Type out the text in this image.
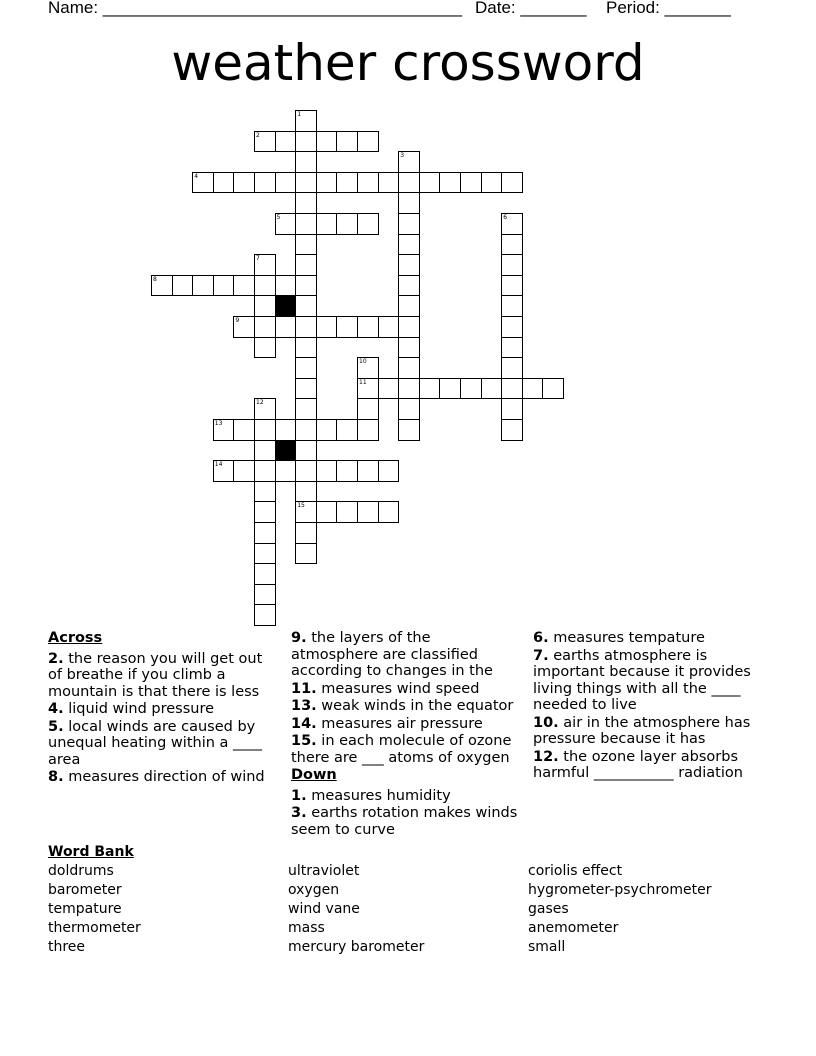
Name: ______________________________________ Date: _______ Period: _______
weather crossword
1
2
3
4
5	6
7
8
9
10
11
12
13
14
15
Across
2. the reason you will get out of breathe if you climb a mountain is that there is less
4. liquid wind pressure
5. local winds are caused by unequal heating within a ____ area
8. measures direction of wind
9. the layers of the atmosphere are classified according to changes in the
11. measures wind speed
13. weak winds in the equator
14. measures air pressure
15. in each molecule of ozone there are ___ atoms of oxygen
Down
1. measures humidity
3. earths rotation makes winds seem to curve
6. measures tempature
7. earths atmosphere is important because it provides living things with all the ____ needed to live
10. air in the atmosphere has pressure because it has
12. the ozone layer absorbs harmful ___________ radiation
Word Bank
doldrums
barometer
tempature
thermometer
three
ultraviolet
oxygen
wind vane
mass
mercury barometer
coriolis effect
hygrometer-psychrometer
gases
anemometer
small
